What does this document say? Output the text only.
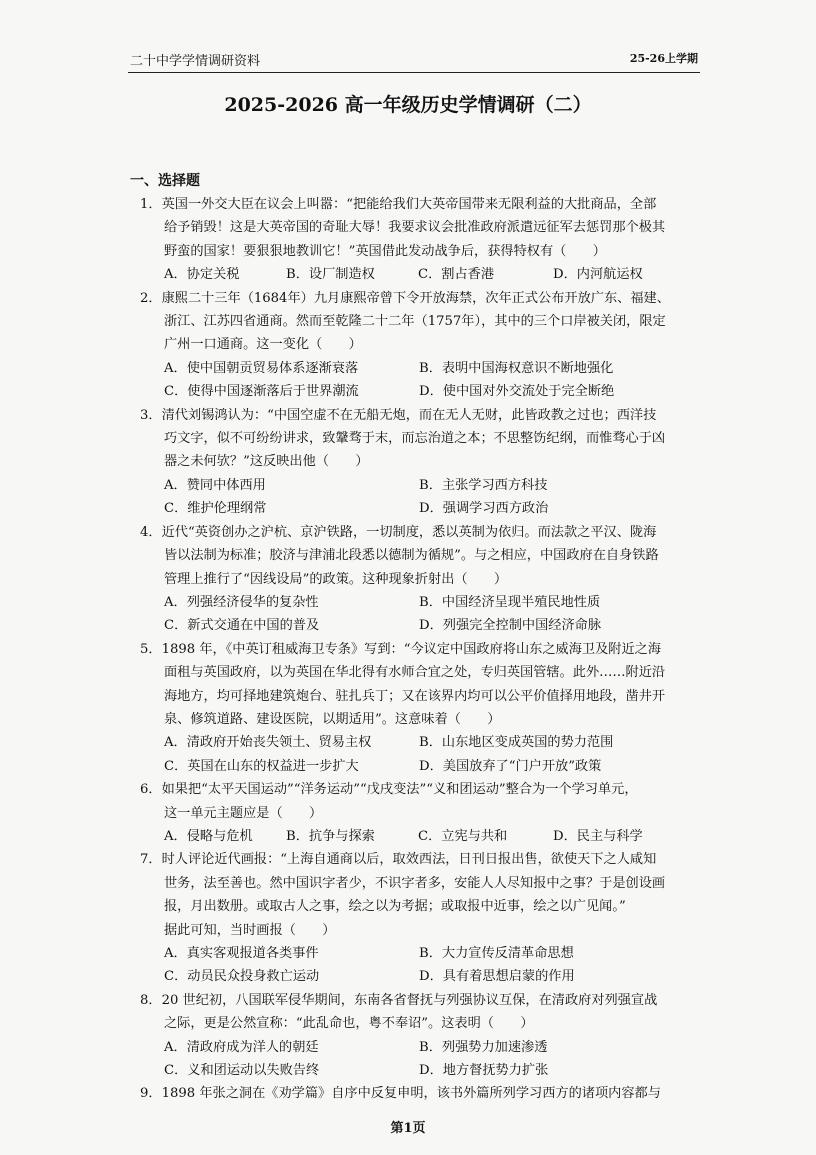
二十中学学情调研资料	25-26上学期
2025-2026 高一年级历史学情调研（二）
一、选择题
1．英国一外交大臣在议会上叫嚣：“把能给我们大英帝国带来无限利益的大批商品，全部
给予销毁！这是大英帝国的奇耻大辱！我要求议会批准政府派遣远征军去惩罚那个极其
野蛮的国家！要狠狠地教训它！”英国借此发动战争后，获得特权有（　　）
A．协定关税	B．设厂制造权	C．割占香港	D．内河航运权
2．康熙二十三年（1684年）九月康熙帝曾下令开放海禁，次年正式公布开放广东、福建、
浙江、江苏四省通商。然而至乾隆二十二年（1757年），其中的三个口岸被关闭，限定
广州一口通商。这一变化（　　）
A．使中国朝贡贸易体系逐渐衰落	B．表明中国海权意识不断地强化
C．使得中国逐渐落后于世界潮流	D．使中国对外交流处于完全断绝
3．清代刘锡鸿认为：“中国空虚不在无船无炮，而在无人无财，此皆政教之过也；西洋技
巧文字，似不可纷纷讲求，致鞶骛于末，而忘治道之本；不思整饬纪纲，而惟骛心于凶
器之未何欤？”这反映出他（　　）
A．赞同中体西用	B．主张学习西方科技
C．维护伦理纲常	D．强调学习西方政治
4．近代“英资创办之沪杭、京沪铁路，一切制度，悉以英制为依归。而法款之平汉、陇海
皆以法制为标准；胶济与津浦北段悉以德制为循规”。与之相应，中国政府在自身铁路
管理上推行了“因线设局”的政策。这种现象折射出（　　）
A．列强经济侵华的复杂性	B．中国经济呈现半殖民地性质
C．新式交通在中国的普及	D．列强完全控制中国经济命脉
5．1898 年，《中英订租威海卫专条》写到：“今议定中国政府将山东之威海卫及附近之海
面租与英国政府，以为英国在华北得有水师合宜之处，专归英国管辖。此外……附近沿
海地方，均可择地建筑炮台、驻扎兵丁；又在该界内均可以公平价值择用地段，凿井开
泉、修筑道路、建设医院，以期适用”。这意味着（　　）
A．清政府开始丧失领土、贸易主权	B．山东地区变成英国的势力范围
C．英国在山东的权益进一步扩大	D．美国放弃了“门户开放”政策
6．如果把“太平天国运动”“洋务运动”“戊戌变法”“义和团运动”整合为一个学习单元，
这一单元主题应是（　　）
A．侵略与危机	B．抗争与探索	C．立宪与共和	D．民主与科学
7．时人评论近代画报：“上海自通商以后，取效西法，日刊日报出售，欲使天下之人咸知
世务，法至善也。然中国识字者少，不识字者多，安能人人尽知报中之事？于是创设画
报，月出数册。或取古人之事，绘之以为考据；或取报中近事，绘之以广见闻。”
据此可知，当时画报（　　）
A．真实客观报道各类事件	B．大力宣传反清革命思想
C．动员民众投身救亡运动	D．具有着思想启蒙的作用
8．20 世纪初，八国联军侵华期间，东南各省督抚与列强协议互保，在清政府对列强宣战
之际，更是公然宣称：“此乱命也，粤不奉诏”。这表明（　　）
A．清政府成为洋人的朝廷	B．列强势力加速渗透
C．义和团运动以失败告终	D．地方督抚势力扩张
9．1898 年张之洞在《劝学篇》自序中反复申明，该书外篇所列学习西方的诸项内容都与
第1页
